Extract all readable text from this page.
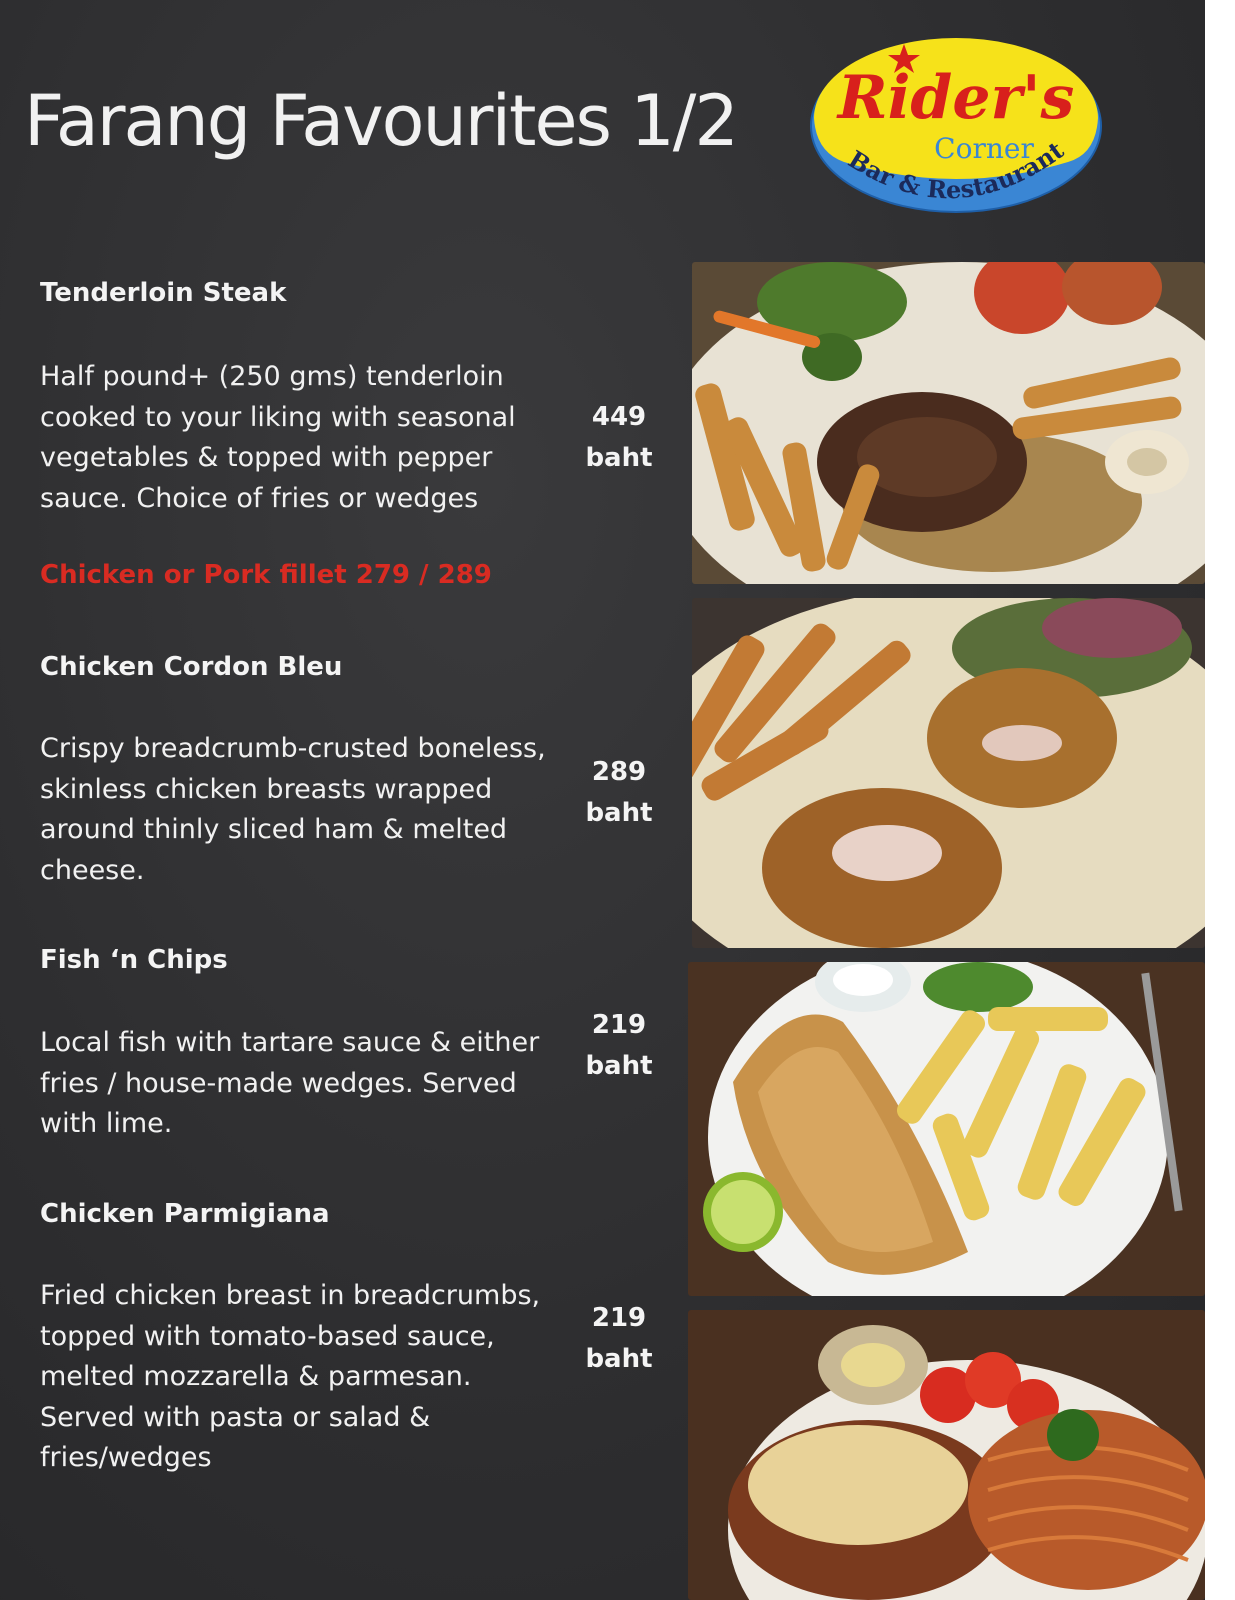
Farang Favourites 1/2 Rider's
Corner
Bar & Restaurant
Tenderloin Steak

Half pound+ (250 gms) tenderloin cooked to your liking with seasonal vegetables & topped with pepper sauce. Choice of fries or wedges

449
baht

Chicken or Pork fillet 279 / 289

Chicken Cordon Bleu

Crispy breadcrumb-crusted boneless, skinless chicken breasts wrapped around thinly sliced ham & melted cheese.

289
baht
Fish ‘n Chips

Local fish with tartare sauce & either fries / house-made wedges. Served with lime.

219
baht
Chicken Parmigiana

Fried chicken breast in breadcrumbs, topped with tomato-based sauce, melted mozzarella & parmesan. Served with pasta or salad & fries/wedges

219
baht
